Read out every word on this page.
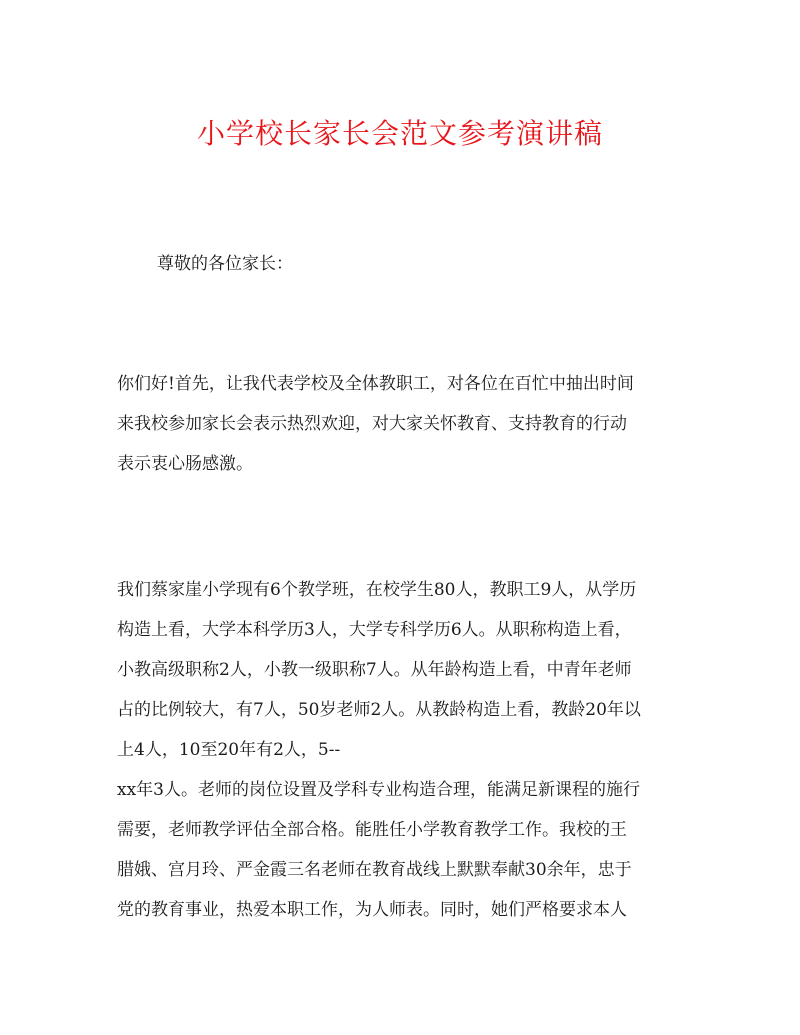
小学校长家长会范文参考演讲稿

尊敬的各位家长：

你们好!首先，让我代表学校及全体教职工，对各位在百忙中抽出时间
来我校参加家长会表示热烈欢迎，对大家关怀教育、支持教育的行动
表示衷心肠感激。
我们蔡家崖小学现有6个教学班，在校学生80人，教职工9人，从学历
构造上看，大学本科学历3人，大学专科学历6人。从职称构造上看，
小教高级职称2人，小教一级职称7人。从年龄构造上看，中青年老师
占的比例较大，有7人，50岁老师2人。从教龄构造上看，教龄20年以
上4人，10至20年有2人，5--
xx年3人。老师的岗位设置及学科专业构造合理，能满足新课程的施行
需要，老师教学评估全部合格。能胜任小学教育教学工作。我校的王
腊娥、宫月玲、严金霞三名老师在教育战线上默默奉献30余年，忠于
党的教育事业，热爱本职工作，为人师表。同时，她们严格要求本人
